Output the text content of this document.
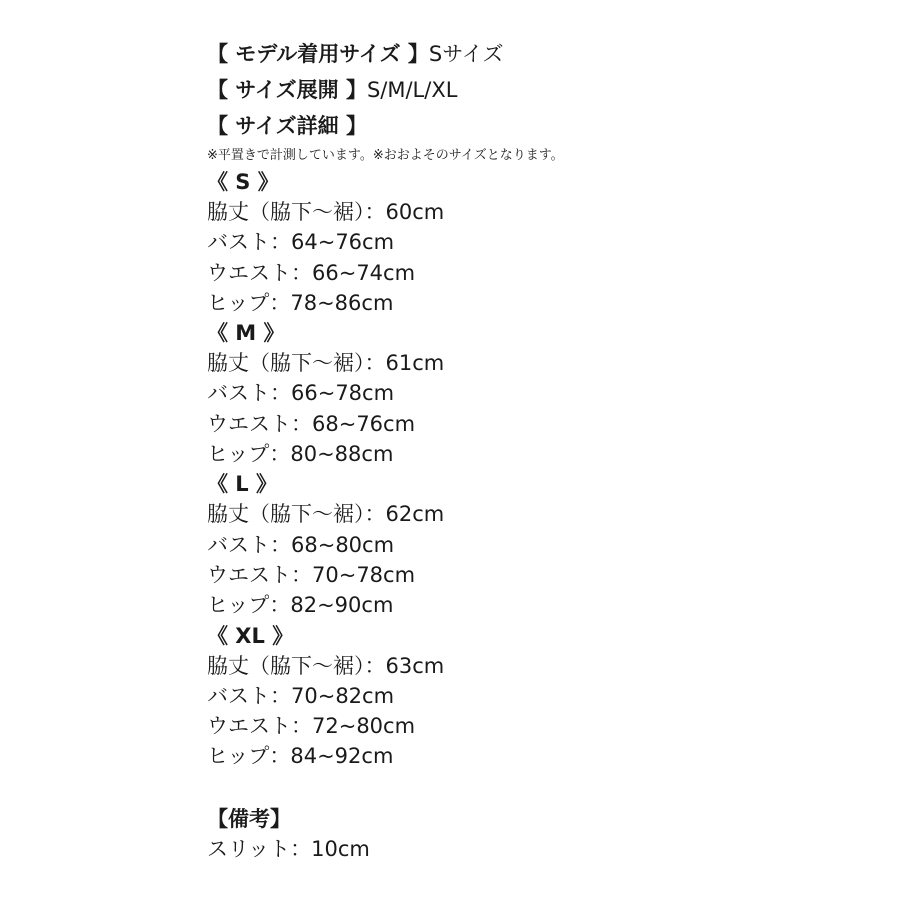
【 モデル着用サイズ 】Sサイズ
【 サイズ展開 】S/M/L/XL
【 サイズ詳細 】
※平置きで計測しています。※おおよそのサイズとなります。
《 S 》
脇丈（脇下〜裾）：60cm
バスト：64~76cm
ウエスト：66~74cm
ヒップ：78~86cm
《 M 》
脇丈（脇下〜裾）：61cm
バスト：66~78cm
ウエスト：68~76cm
ヒップ：80~88cm
《 L 》
脇丈（脇下〜裾）：62cm
バスト：68~80cm
ウエスト：70~78cm
ヒップ：82~90cm
《 XL 》
脇丈（脇下〜裾）：63cm
バスト：70~82cm
ウエスト：72~80cm
ヒップ：84~92cm
【備考】
スリット：10cm
